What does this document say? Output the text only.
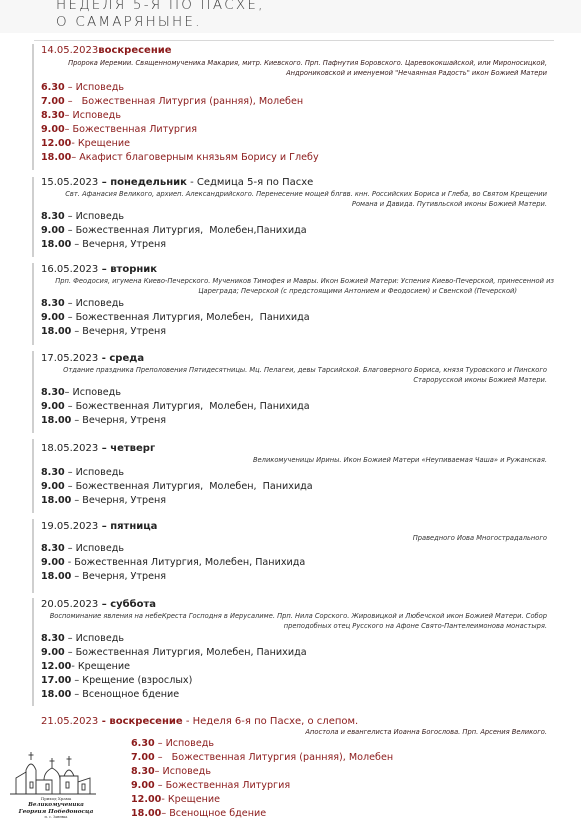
НЕДЕЛЯ 5-Я ПО ПАСХЕ,
О САМАРЯНЫНЕ.
14.05.2023воскресение
Пророка Иеремии. Священномученика Макария, митр. Киевского. Прп. Пафнутия Боровского. Царевококшайской, или Мироносицкой,
Андрониковской и именуемой "Нечаянная Радость" икон Божией Матери
6.30 – Исповедь
7.00 –   Божественная Литургия (ранняя), Молебен
8.30– Исповедь
9.00– Божественная Литургия
12.00- Крещение
18.00– Акафист благоверным князьям Борису и Глебу
15.05.2023 – понедельник - Седмица 5-я по Пасхе
Свт. Афанасия Великого, архиеп. Александрийского. Перенесение мощей блгвв. кнн. Российских Бориса и Глеба, во Святом Крещении
Романа и Давида. Путивльской иконы Божией Матери.
8.30 – Исповедь
9.00 – Божественная Литургия,  Молебен,Панихида
18.00 – Вечерня, Утреня
16.05.2023 – вторник
Прп. Феодосия, игумена Киево-Печерского. Мучеников Тимофея и Мавры. Икон Божией Матери: Успения Киево-Печерской, принесенной из
Цареграда; Печерской (с предстоящими Антонием и Феодосием) и Свенской (Печерской)
8.30 – Исповедь
9.00 – Божественная Литургия, Молебен,  Панихида
18.00 – Вечерня, Утреня
17.05.2023 - среда
Отдание праздника Преполовения Пятидесятницы. Мц. Пелагеи, девы Тарсийской. Благоверного Бориса, князя Туровского и Пинского
Старорусской иконы Божией Матери.
8.30– Исповедь
9.00 – Божественная Литургия,  Молебен, Панихида
18.00 – Вечерня, Утреня
18.05.2023 – четверг
Великомученицы Ирины. Икон Божией Матери «Неупиваемая Чаша» и Ружанская.
8.30 – Исповедь
9.00 – Божественная Литургия,  Молебен,  Панихида
18.00 – Вечерня, Утреня
19.05.2023 – пятница
Праведного Иова Многострадального
8.30 – Исповедь
9.00 - Божественная Литургия, Молебен, Панихида
18.00 – Вечерня, Утреня
20.05.2023 – суббота
Воспоминание явления на небеКреста Господня в Иерусалиме. Прп. Нила Сорского. Жировицкой и Любечской икон Божией Матери. Собор
преподобных отец Русского на Афоне Свято-Пантелеимонова монастыря.
8.30 – Исповедь
9.00 – Божественная Литургия, Молебен, Панихида
12.00- Крещение
17.00 – Крещение (взрослых)
18.00 – Всенощное бдение
21.05.2023 - воскресение - Неделя 6-я по Пасхе, о слепом.
Апостола и евангелиста Иоанна Богослова. Прп. Арсения Великого.
6.30 – Исповедь
7.00 –   Божественная Литургия (ранняя), Молебен
8.30– Исповедь
9.00 – Божественная Литургия
12.00- Крещение
18.00– Всенощное бдение
Приход Храма
Великомученика
Георгия Победоносца
п. с. Заневка
